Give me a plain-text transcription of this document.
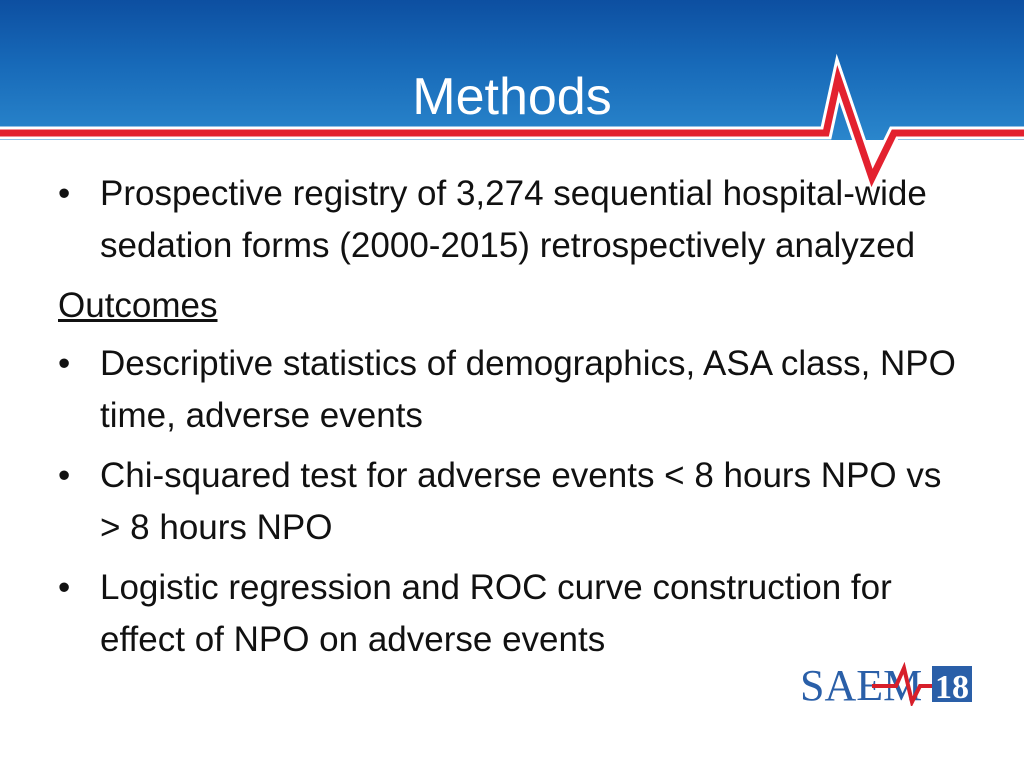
Methods
• Prospective registry of 3,274 sequential hospital-wide sedation forms (2000-2015) retrospectively analyzed
Outcomes
• Descriptive statistics of demographics, ASA class, NPO time, adverse events
• Chi-squared test for adverse events < 8 hours NPO vs > 8 hours NPO
• Logistic regression and ROC curve construction for effect of NPO on adverse events
SAEM 18
